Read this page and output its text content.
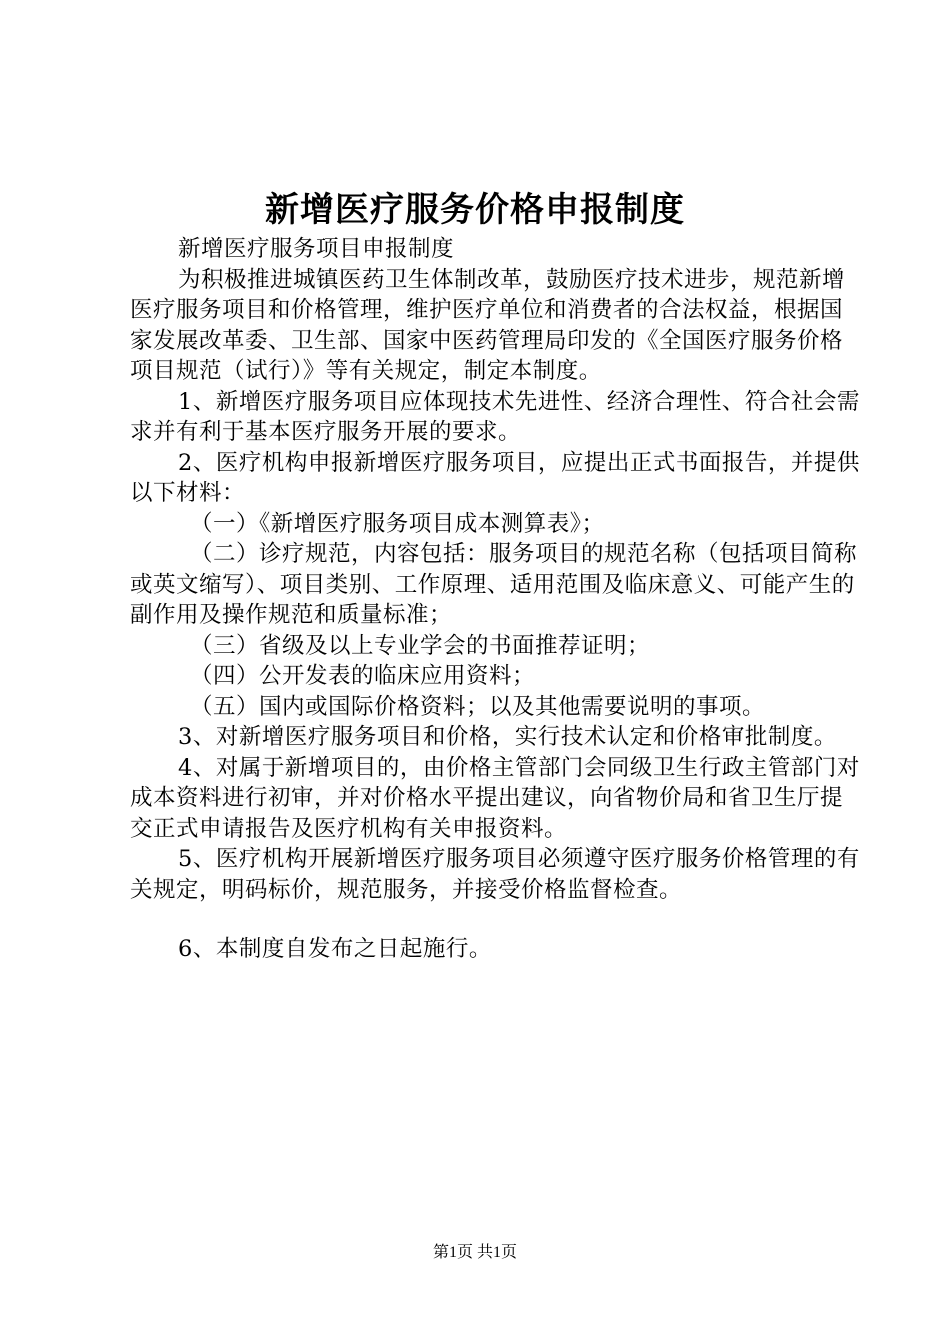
新增医疗服务价格申报制度

新增医疗服务项目申报制度

为积极推进城镇医药卫生体制改革，鼓励医疗技术进步，规范新增医疗服务项目和价格管理，维护医疗单位和消费者的合法权益，根据国家发展改革委、卫生部、国家中医药管理局印发的《全国医疗服务价格项目规范（试行）》等有关规定，制定本制度。

1、新增医疗服务项目应体现技术先进性、经济合理性、符合社会需求并有利于基本医疗服务开展的要求。

2、医疗机构申报新增医疗服务项目，应提出正式书面报告，并提供以下材料：

（一）《新增医疗服务项目成本测算表》；

（二）诊疗规范，内容包括：服务项目的规范名称（包括项目简称或英文缩写）、项目类别、工作原理、适用范围及临床意义、可能产生的副作用及操作规范和质量标准；

（三）省级及以上专业学会的书面推荐证明；

（四）公开发表的临床应用资料；

（五）国内或国际价格资料；以及其他需要说明的事项。

3、对新增医疗服务项目和价格，实行技术认定和价格审批制度。

4、对属于新增项目的，由价格主管部门会同级卫生行政主管部门对成本资料进行初审，并对价格水平提出建议，向省物价局和省卫生厅提交正式申请报告及医疗机构有关申报资料。

5、医疗机构开展新增医疗服务项目必须遵守医疗服务价格管理的有关规定，明码标价，规范服务，并接受价格监督检查。

6、本制度自发布之日起施行。

第1页 共1页
